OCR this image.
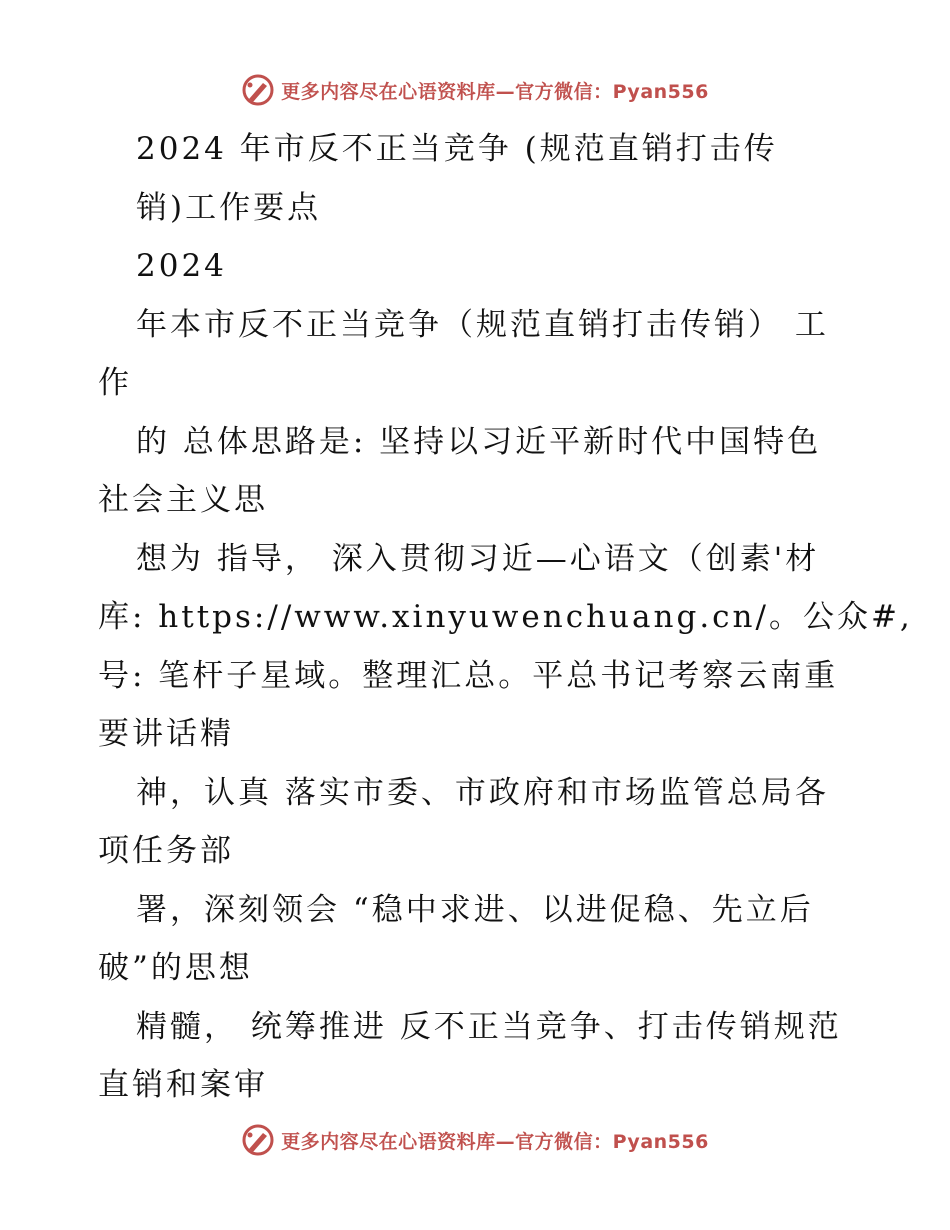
更多内容尽在心语资料库—官方微信：Pyan556
2024 年市反不正当竞争 (规范直销打击传
销)工作要点
2024
年本市反不正当竞争（规范直销打击传销） 工
作
的 总体思路是: 坚持以习近平新时代中国特色
社会主义思
想为 指导， 深入贯彻习近—心语文（创素'材
库: https://www.xinyuwenchuang.cn/。公众#,
号: 笔杆子星域。整理汇总。平总书记考察云南重
要讲话精
神，认真 落实市委、市政府和市场监管总局各
项任务部
署，深刻领会 “稳中求进、以进促稳、先立后
破”的思想
精髓， 统筹推进 反不正当竞争、打击传销规范
直销和案审
更多内容尽在心语资料库—官方微信：Pyan556
